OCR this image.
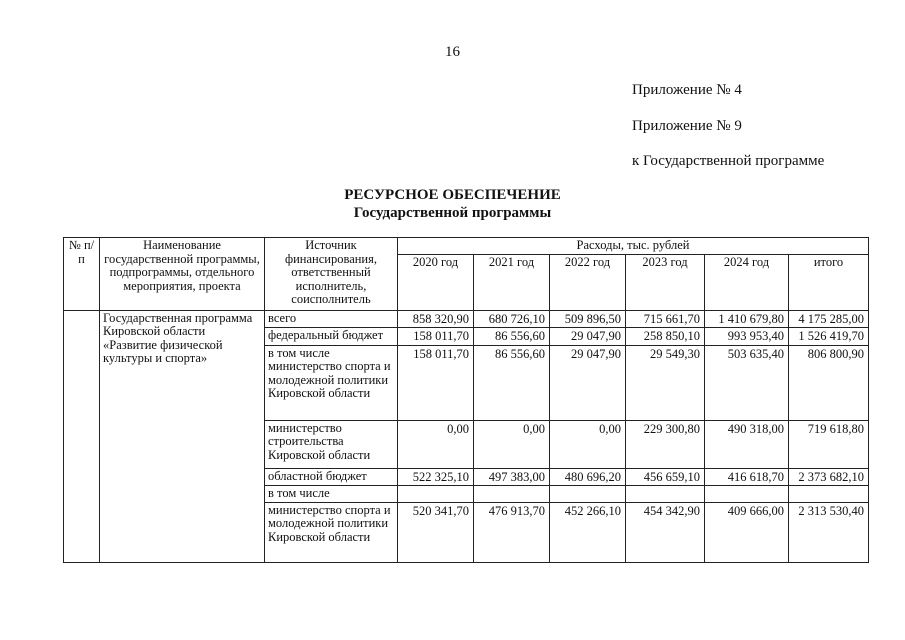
16
Приложение № 4
Приложение № 9
к Государственной программе
РЕСУРСНОЕ ОБЕСПЕЧЕНИЕ
Государственной программы
№ п/п	Наименование государственной программы, подпрограммы, отдельного мероприятия, проекта	Источник финансирования, ответственный исполнитель, соисполнитель	Расходы, тыс. рублей					
			2020 год	2021 год	2022 год	2023 год	2024 год	итого
	Государственная программа Кировской области «Развитие физической культуры и спорта»	всего	858 320,90	680 726,10	509 896,50	715 661,70	1 410 679,80	4 175 285,00
		федеральный бюджет	158 011,70	86 556,60	29 047,90	258 850,10	993 953,40	1 526 419,70
		в том числе министерство спорта и молодежной политики Кировской области	158 011,70	86 556,60	29 047,90	29 549,30	503 635,40	806 800,90
		министерство строительства Кировской области	0,00	0,00	0,00	229 300,80	490 318,00	719 618,80
		областной бюджет	522 325,10	497 383,00	480 696,20	456 659,10	416 618,70	2 373 682,10
		в том числе						
		министерство спорта и молодежной политики Кировской области	520 341,70	476 913,70	452 266,10	454 342,90	409 666,00	2 313 530,40
